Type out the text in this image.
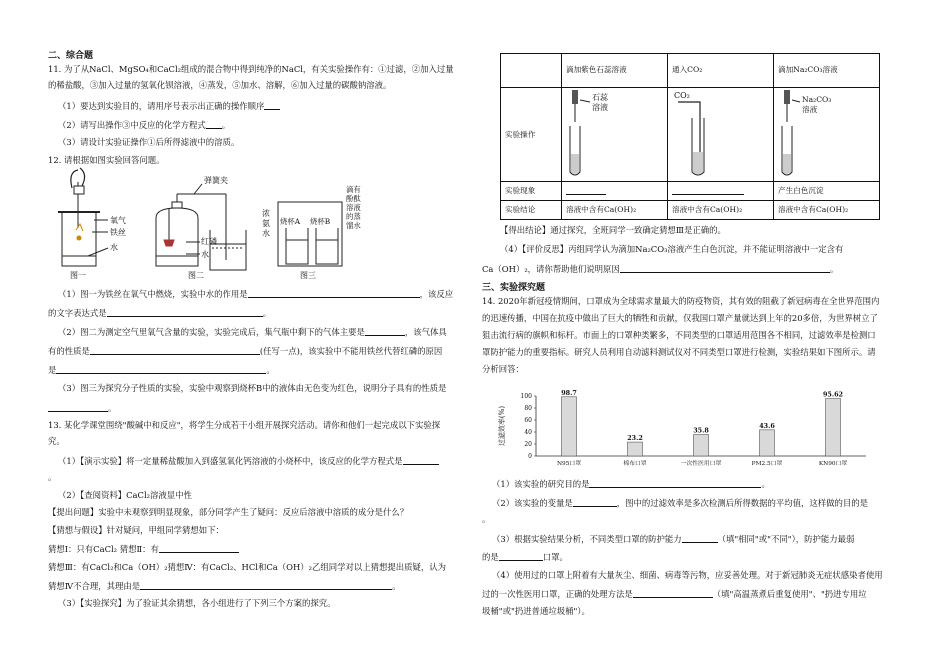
二、综合题
11. 为了从NaCl、MgSO₄和CaCl₂组成的混合物中得到纯净的NaCl，有关实验操作有：①过滤，②加入过量
的稀盐酸，③加入过量的氢氧化钡溶液，④蒸发，⑤加水、溶解，⑥加入过量的碳酸钠溶液。
（1）要达到实验目的，请用序号表示出正确的操作顺序
（2）请写出操作③中反应的化学方程式 。
（3）请设计实验证操作①后所得滤液中的溶质。
12. 请根据如图实验回答问题。
氧气
铁丝
水
图一
弹簧夹
红磷
水
图二
浓氨水
烧杯A 烧杯B
滴有酚酞溶液的蒸馏水
图三
（1）图一为铁丝在氧气中燃烧，实验中水的作用是	，该反应
的文字表达式是	。
（2）图二为测定空气里氧气含量的实验，实验完成后，集气瓶中剩下的气体主要是	，该气体具
有的性质是	(任写一点)，该实验中不能用铁丝代替红磷的原因
是	。
（3）图三为探究分子性质的实验，实验中观察到烧杯B中的液体由无色变为红色，说明分子具有的性质是
。
13. 某化学课堂围绕"酸碱中和反应"，将学生分成若干小组开展探究活动。请你和他们一起完成以下实验探
究。
（1）【演示实验】将一定量稀盐酸加入到盛氢氧化钙溶液的小烧杯中，该反应的化学方程式是
。
（2）【查阅资料】CaCl₂溶液显中性
【提出问题】实验中未观察到明显现象，部分同学产生了疑问：反应后溶液中溶质的成分是什么？
【猜想与假设】针对疑问，甲组同学猜想如下：
猜想Ⅰ：只有CaCl₂ 猜想Ⅱ：有
猜想Ⅲ：有CaCl₂和Ca（OH）₂猜想Ⅳ：有CaCl₂、HCl和Ca（OH）₂乙组同学对以上猜想提出质疑，认为
猜想Ⅳ不合理，其理由是	。
（3）【实验探究】为了验证其余猜想，各小组进行了下列三个方案的探究。
	滴加紫色石蕊溶液	通入CO₂	滴加Na₂CO₃溶液
实验操作	石蕊
溶液	CO₂	Na₂CO₃
溶液

实验现象			产生白色沉淀
实验结论	溶液中含有Ca(OH)₂	溶液中含有Ca(OH)₂	溶液中含有Ca(OH)₂
【得出结论】通过探究，全班同学一致确定猜想Ⅲ是正确的。
（4）【评价反思】丙组同学认为滴加Na₂CO₃溶液产生白色沉淀，并不能证明溶液中一定含有
Ca（OH）₂，请你帮助他们说明原因	。
三、实验探究题
14. 2020年新冠疫情期间，口罩成为全球需求量最大的防疫物资，其有效的阻截了新冠病毒在全世界范围内
的迅速传播，中国在抗疫中做出了巨大的牺牲和贡献，仅我国口罩产量就达到上年的20多倍，为世界树立了
狙击流行病的旗帜和标杆。市面上的口罩种类繁多，不同类型的口罩适用范围各不相同，过滤效率是检测口
罩防护能力的重要指标。研究人员利用自动滤料测试仪对不同类型口罩进行检测，实验结果如下图所示。请
分析回答：
过滤效率(%)
0
20
40
60
80
100	98.7
N95口罩
23.2
棉布口罩
35.8
一次性医用口罩
43.6
PM2.5口罩
95.62
KN90口罩
（1）该实验的研究目的是	。
（2）该实验的变量是	，图中的过滤效率是多次检测后所得数据的平均值，这样做的目的是
。
（3）根据实验结果分析，不同类型口罩的防护能力	（填"相同"或"不同"），防护能力最弱
的是	口罩。
（4）使用过的口罩上附着有大量灰尘、细菌、病毒等污物，应妥善处理。对于新冠肺炎无症状感染者使用
过的一次性医用口罩，正确的处理方法是	（填"高温蒸煮后重复使用"、"扔进专用垃
圾桶"或"扔进普通垃圾桶"）。
